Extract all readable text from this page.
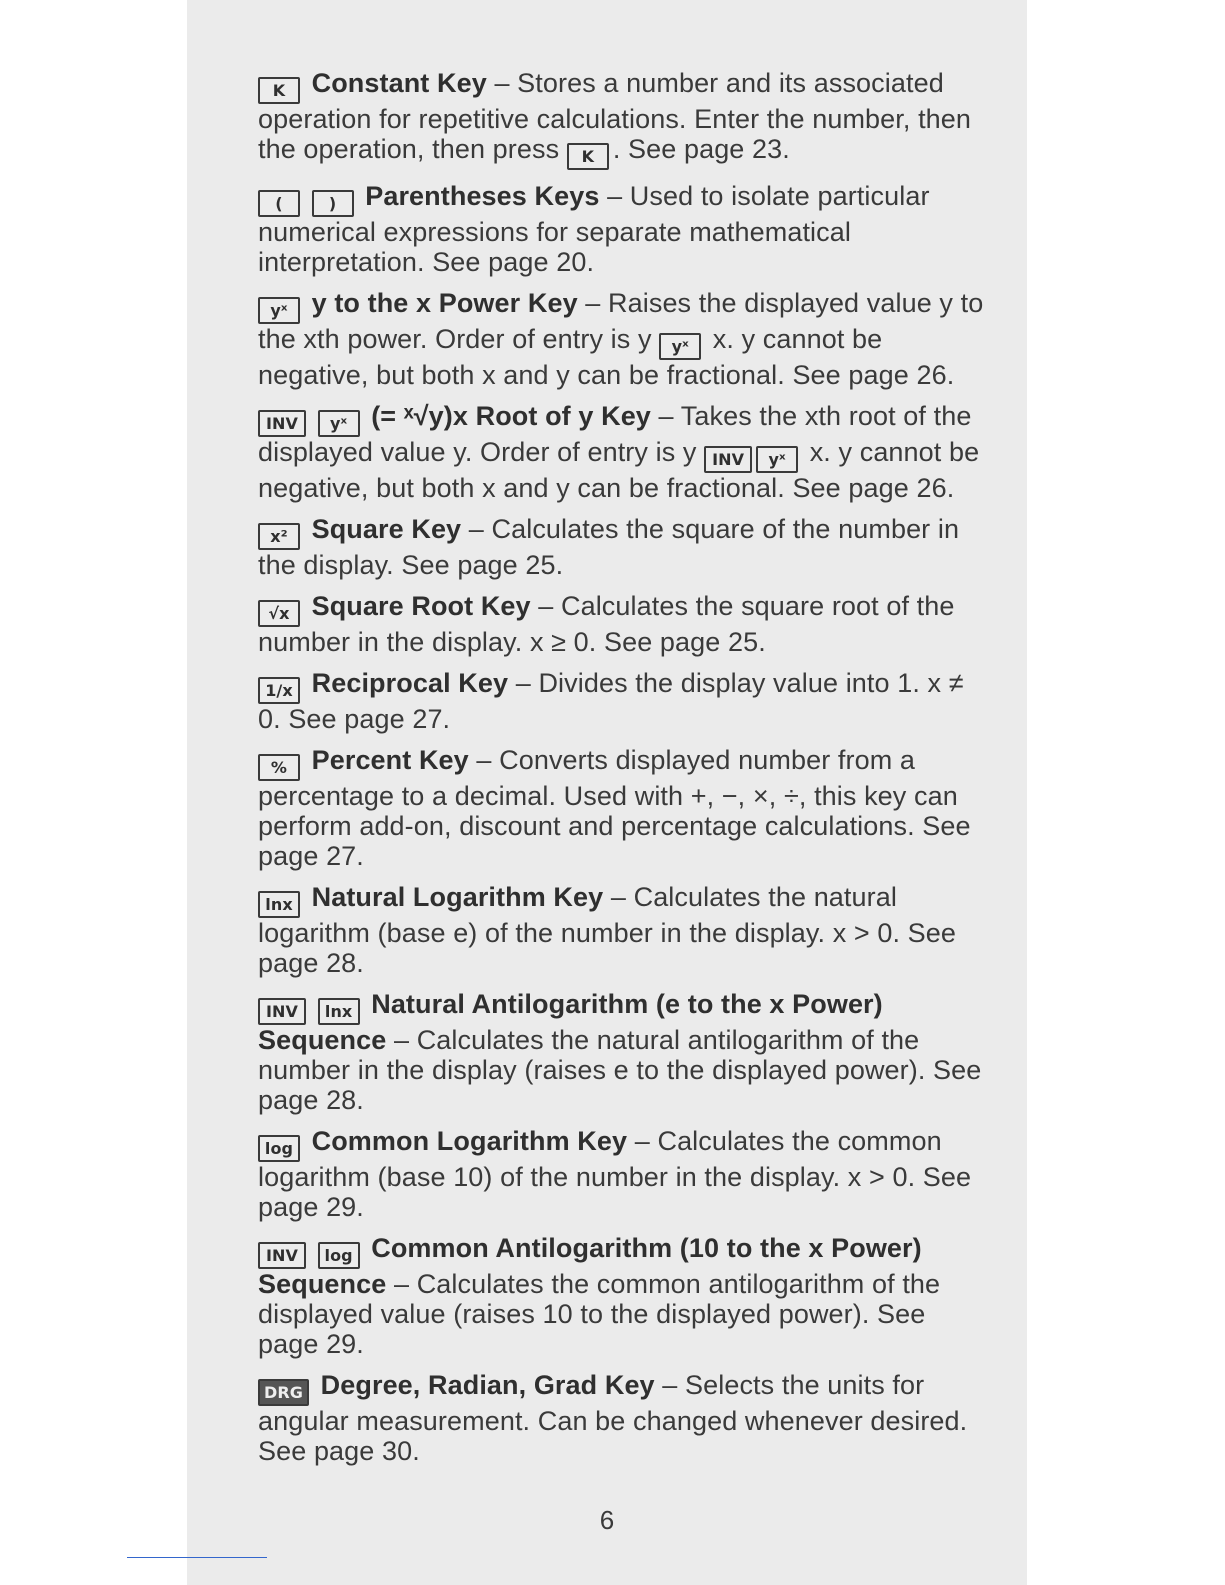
K Constant Key – Stores a number and its associated operation for repetitive calculations. Enter the number, then the operation, then press K . See page 23.

(	) Parentheses Keys – Used to isolate particular numerical expressions for separate mathematical interpretation. See page 20.

yˣ y to the x Power Key – Raises the displayed value y to the xth power. Order of entry is y yˣ x. y cannot be negative, but both x and y can be fractional. See page 26.

INV yˣ (= ˣ√y)x Root of y Key – Takes the xth root of the displayed value y. Order of entry is y INV yˣ x. y cannot be negative, but both x and y can be fractional. See page 26.

x² Square Key – Calculates the square of the number in the display. See page 25.

√x Square Root Key – Calculates the square root of the number in the display. x ≥ 0. See page 25.

1/x Reciprocal Key – Divides the display value into 1. x ≠ 0. See page 27.

% Percent Key – Converts displayed number from a percentage to a decimal. Used with +, −, ×, ÷, this key can perform add-on, discount and percentage calculations. See page 27.

lnx Natural Logarithm Key – Calculates the natural logarithm (base e) of the number in the display. x > 0. See page 28.

INV lnx Natural Antilogarithm (e to the x Power) Sequence – Calculates the natural antilogarithm of the number in the display (raises e to the displayed power). See page 28.

log Common Logarithm Key – Calculates the common logarithm (base 10) of the number in the display. x > 0. See page 29.

INV log Common Antilogarithm (10 to the x Power) Sequence – Calculates the common antilogarithm of the displayed value (raises 10 to the displayed power). See page 29.

DRG Degree, Radian, Grad Key – Selects the units for angular measurement. Can be changed whenever desired. See page 30.

6
